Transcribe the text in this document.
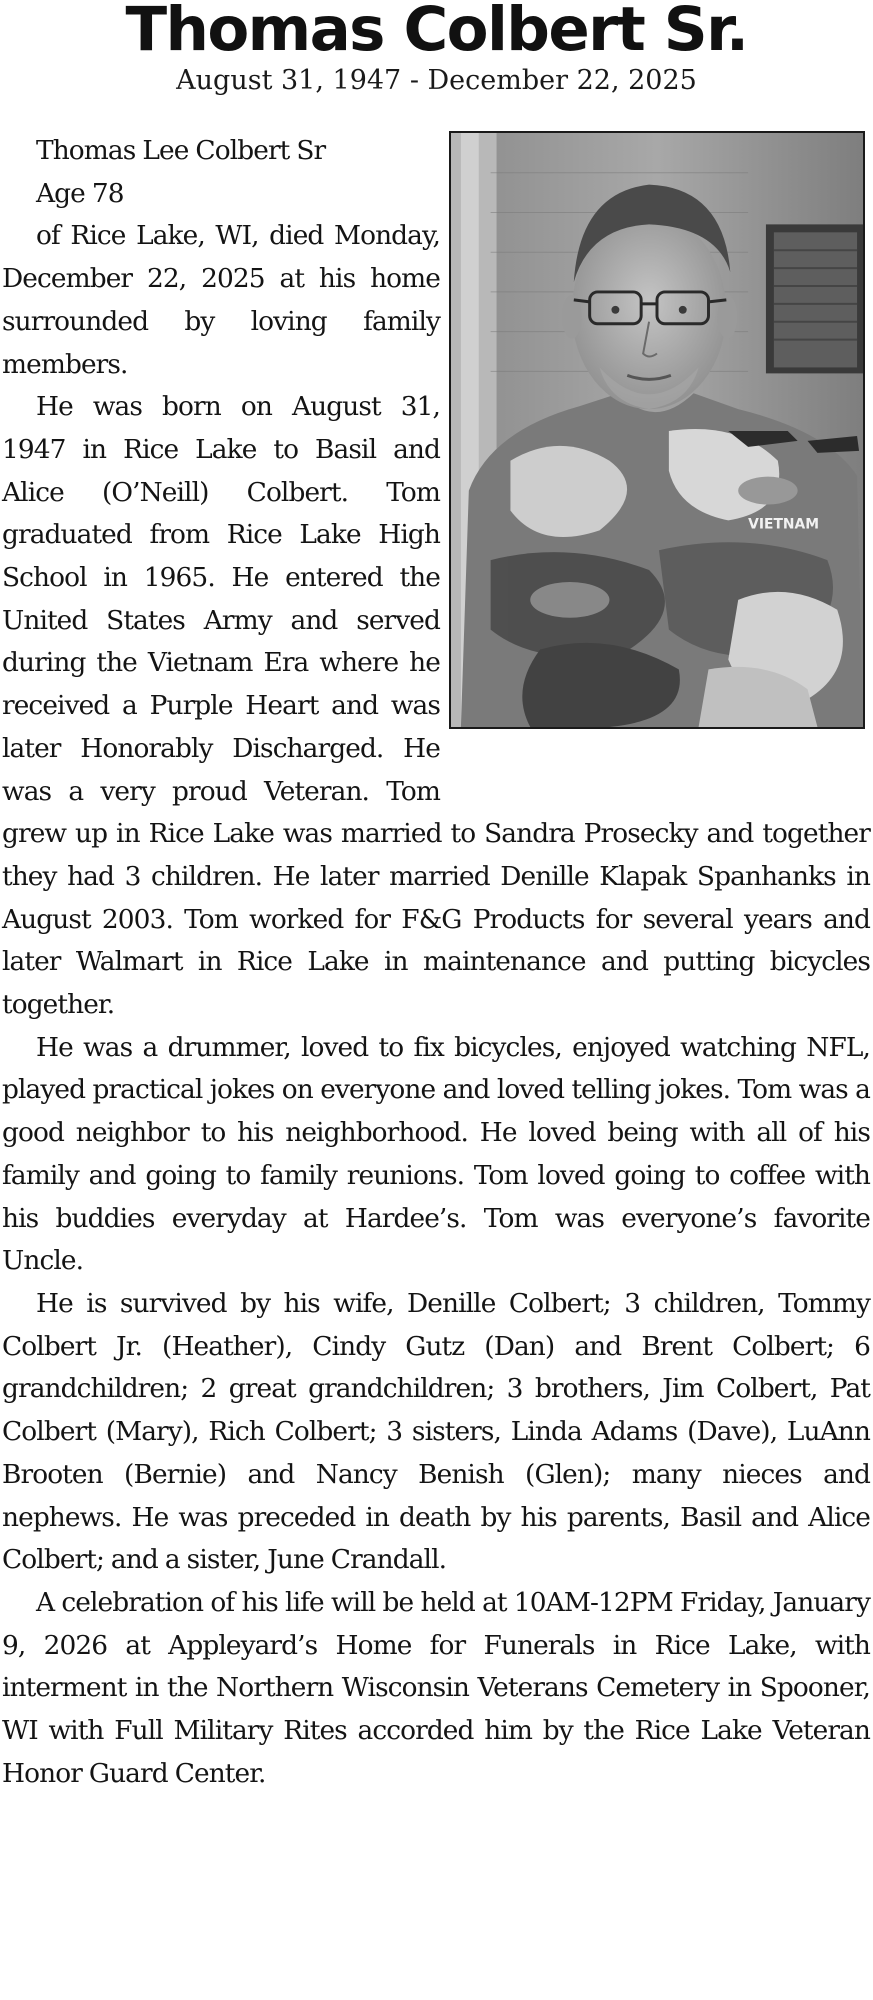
Thomas Colbert Sr.
August 31, 1947 - December 22, 2025
VIETNAM

Thomas Lee Colbert Sr

Age 78

of Rice Lake, WI, died Monday, December 22, 2025 at his home surrounded by loving family members.

He was born on August 31, 1947 in Rice Lake to Basil and Alice (O’Neill) Colbert. Tom graduated from Rice Lake High School in 1965. He entered the United States Army and served during the Vietnam Era where he received a Purple Heart and was later Honorably Discharged. He was a very proud Veteran. Tom grew up in Rice Lake was married to Sandra Prosecky and together they had 3 children. He later married Denille Klapak Spanhanks in August 2003. Tom worked for F&G Products for several years and later Walmart in Rice Lake in maintenance and putting bicycles together.

He was a drummer, loved to fix bicycles, enjoyed watching NFL, played practical jokes on everyone and loved telling jokes. Tom was a good neighbor to his neighborhood. He loved being with all of his family and going to family reunions. Tom loved going to coffee with his buddies everyday at Hardee’s. Tom was everyone’s favorite Uncle.

He is survived by his wife, Denille Colbert; 3 children, Tommy Colbert Jr. (Heather), Cindy Gutz (Dan) and Brent Colbert; 6 grandchildren; 2 great grandchildren; 3 brothers, Jim Colbert, Pat Colbert (Mary), Rich Colbert; 3 sisters, Linda Adams (Dave), LuAnn Brooten (Bernie) and Nancy Benish (Glen); many nieces and nephews. He was preceded in death by his parents, Basil and Alice Colbert; and a sister, June Crandall.

A celebration of his life will be held at 10AM-12PM Friday, January 9, 2026 at Appleyard’s Home for Funerals in Rice Lake, with interment in the Northern Wisconsin Veterans Cemetery in Spooner, WI with Full Military Rites accorded him by the Rice Lake Veteran Honor Guard Center.
